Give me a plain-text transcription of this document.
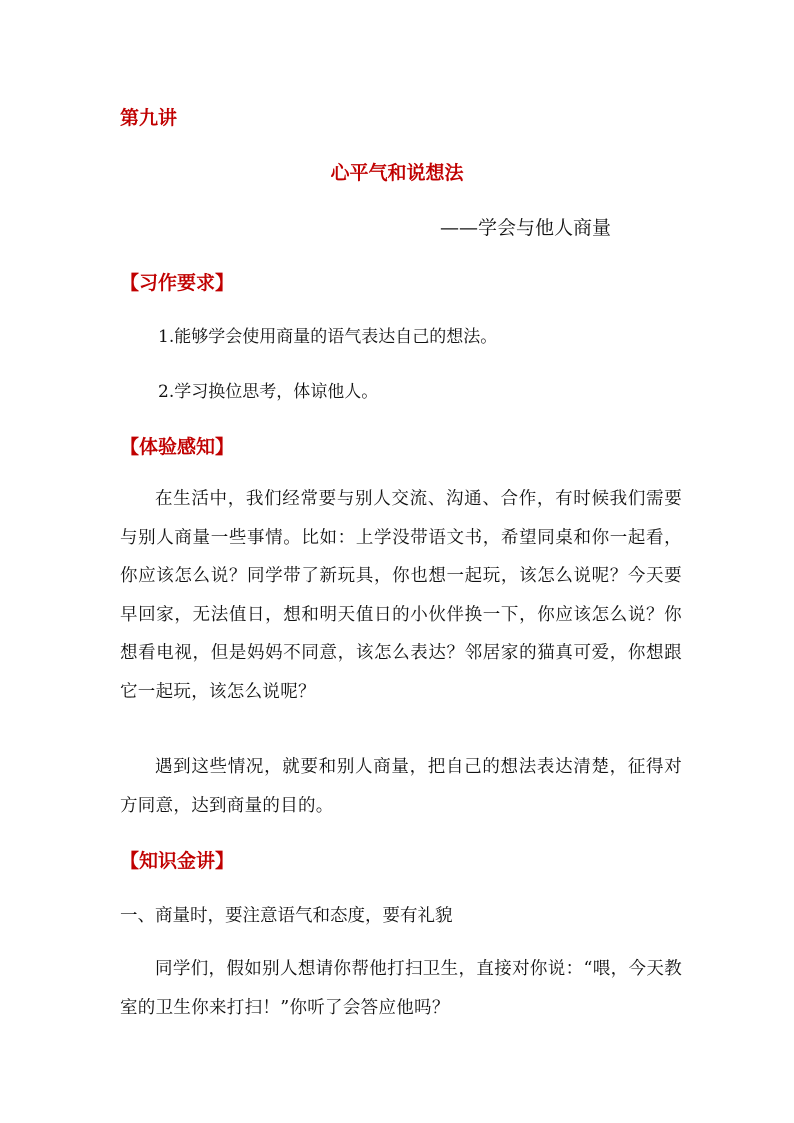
第九讲
心平气和说想法
——学会与他人商量
【习作要求】
1.能够学会使用商量的语气表达自己的想法。
2.学习换位思考，体谅他人。
【体验感知】
在生活中，我们经常要与别人交流、沟通、合作，有时候我们需要与别人商量一些事情。比如：上学没带语文书，希望同桌和你一起看，你应该怎么说？同学带了新玩具，你也想一起玩，该怎么说呢？今天要早回家，无法值日，想和明天值日的小伙伴换一下，你应该怎么说？你想看电视，但是妈妈不同意，该怎么表达？邻居家的猫真可爱，你想跟它一起玩，该怎么说呢？
遇到这些情况，就要和别人商量，把自己的想法表达清楚，征得对方同意，达到商量的目的。
【知识金讲】
一、商量时，要注意语气和态度，要有礼貌
同学们，假如别人想请你帮他打扫卫生，直接对你说：“喂，今天教室的卫生你来打扫！”你听了会答应他吗？
